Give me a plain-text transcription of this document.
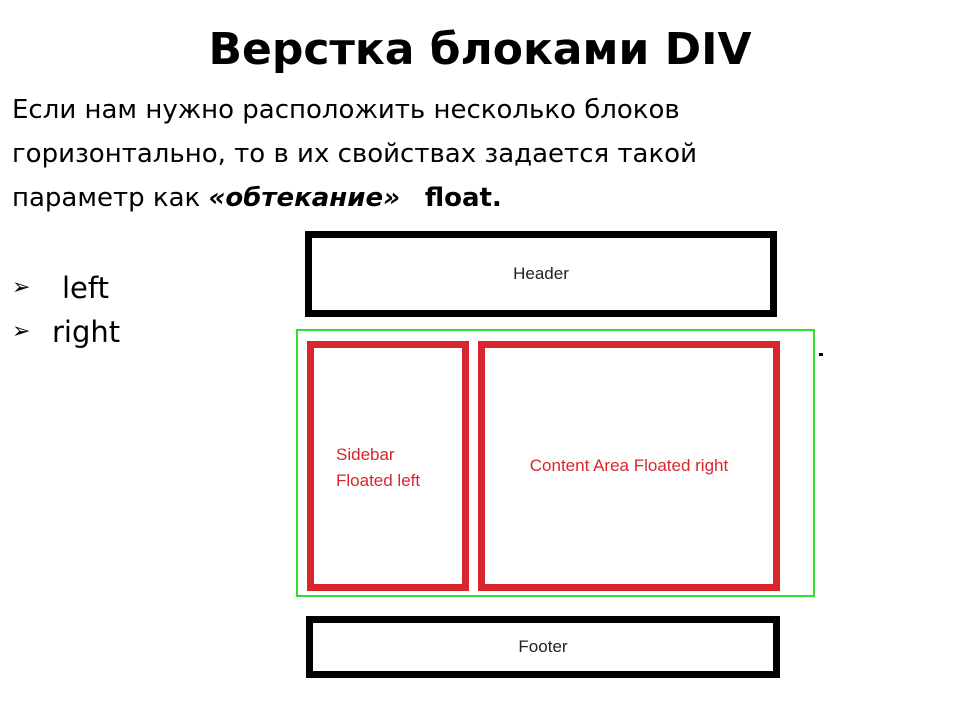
Верстка блоками DIV

Если нам нужно расположить несколько блоков
горизонтально, то в их свойствах задается такой
параметр как «обтекание» float.

➢	left
➢ right
Header
Sidebar
Floated left
Content Area Floated right
Footer
